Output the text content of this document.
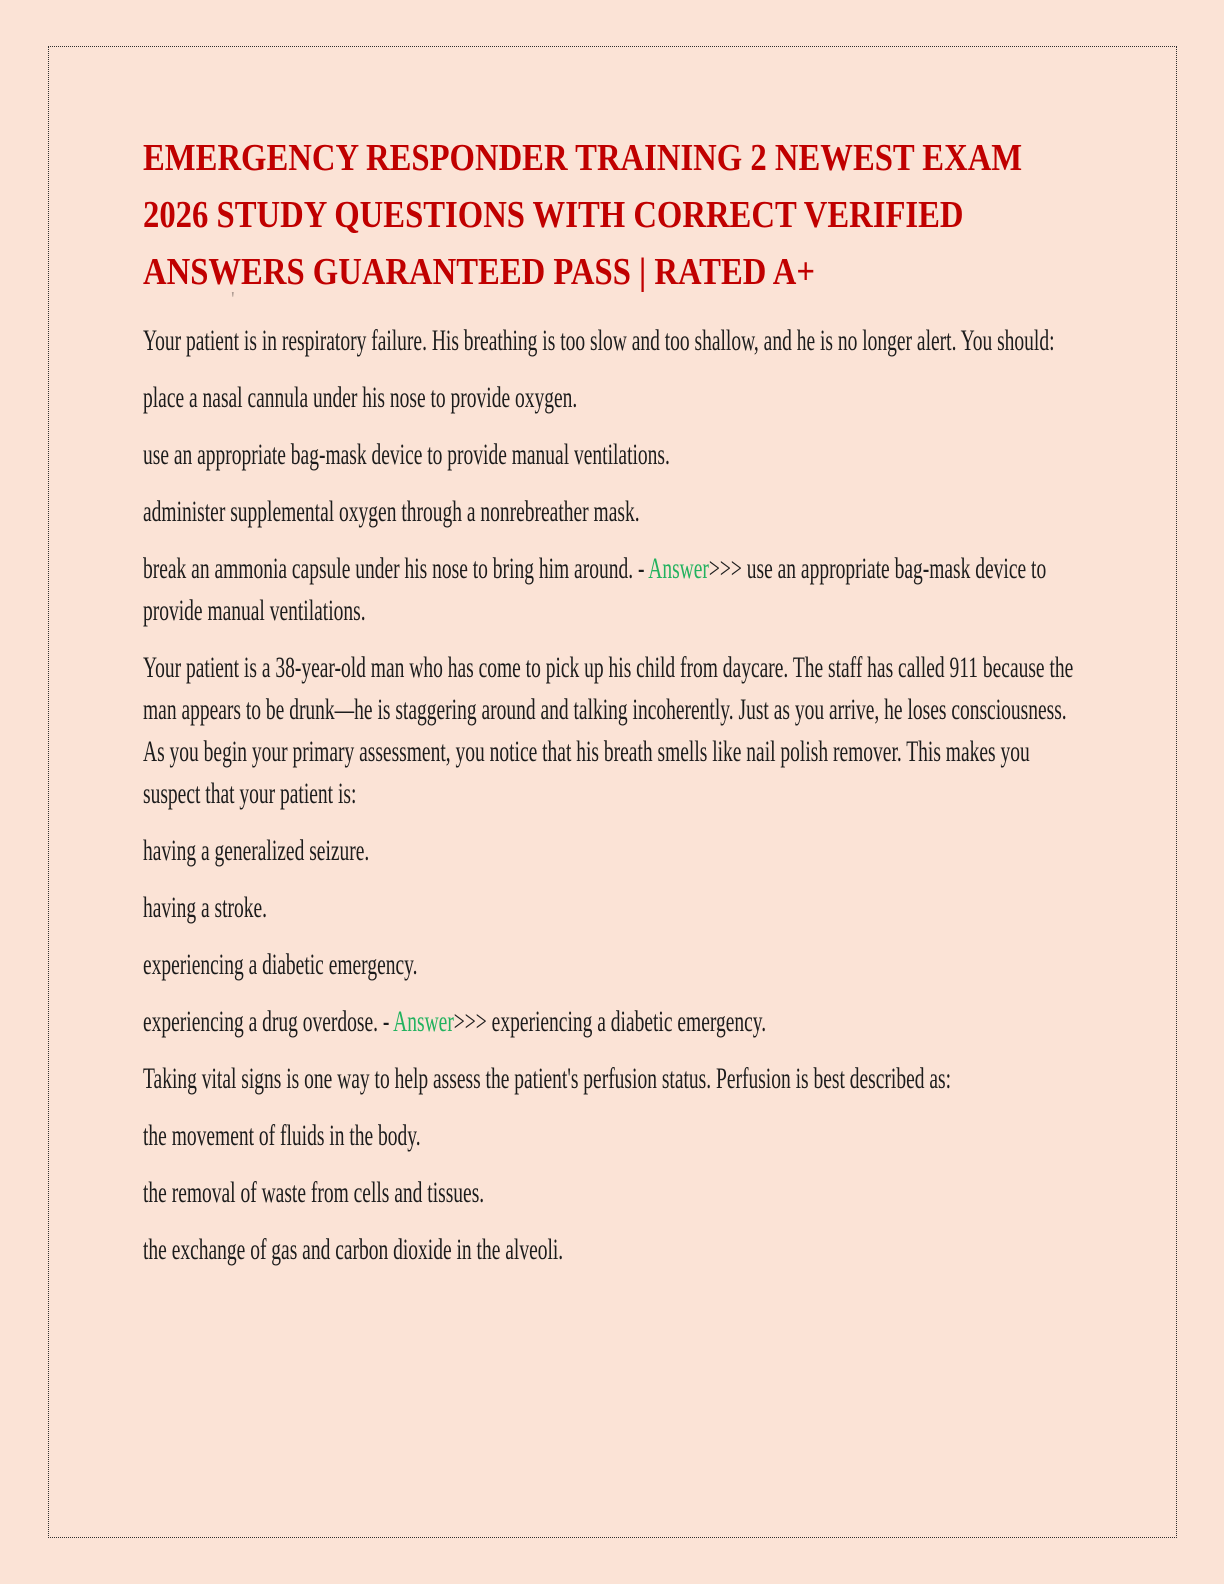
EMERGENCY RESPONDER TRAINING 2 NEWEST EXAM 2026 STUDY QUESTIONS WITH CORRECT VERIFIED ANSWERS GUARANTEED PASS | RATED A+

Your patient is in respiratory failure. His breathing is too slow and too shallow, and he is no longer alert. You should:

place a nasal cannula under his nose to provide oxygen.

use an appropriate bag-mask device to provide manual ventilations.

administer supplemental oxygen through a nonrebreather mask.

break an ammonia capsule under his nose to bring him around. - Answer>>> use an appropriate bag-mask device to provide manual ventilations.

Your patient is a 38-year-old man who has come to pick up his child from daycare. The staff has called 911 because the man appears to be drunk—he is staggering around and talking incoherently. Just as you arrive, he loses consciousness. As you begin your primary assessment, you notice that his breath smells like nail polish remover. This makes you suspect that your patient is:

having a generalized seizure.

having a stroke.

experiencing a diabetic emergency.

experiencing a drug overdose. - Answer>>> experiencing a diabetic emergency.

Taking vital signs is one way to help assess the patient's perfusion status. Perfusion is best described as:

the movement of fluids in the body.

the removal of waste from cells and tissues.

the exchange of gas and carbon dioxide in the alveoli.

'
